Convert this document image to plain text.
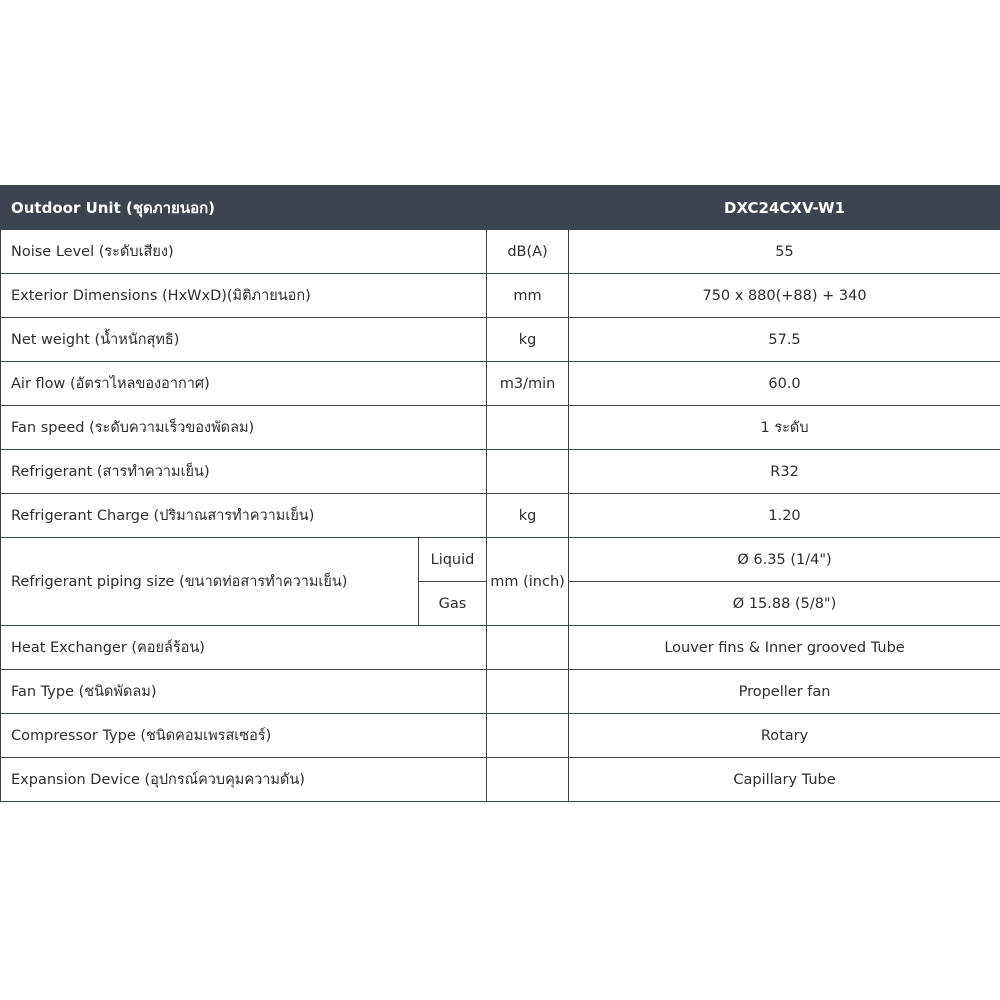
Outdoor Unit (ชุดภายนอก)			DXC24CXV-W1
Noise Level (ระดับเสียง)		dB(A)	55
Exterior Dimensions (HxWxD)(มิติภายนอก)		mm	750 x 880(+88) + 340
Net weight (น้ำหนักสุทธิ)		kg	57.5
Air flow (อัตราไหลของอากาศ)		m3/min	60.0
Fan speed (ระดับความเร็วของพัดลม)			1 ระดับ
Refrigerant (สารทำความเย็น)			R32
Refrigerant Charge (ปริมาณสารทำความเย็น)		kg	1.20
Refrigerant piping size (ขนาดท่อสารทำความเย็น)	Liquid	mm (inch)	Ø 6.35 (1/4")
	Gas		Ø 15.88 (5/8")
Heat Exchanger (คอยล์ร้อน)			Louver fins & Inner grooved Tube
Fan Type (ชนิดพัดลม)			Propeller fan
Compressor Type (ชนิดคอมเพรสเซอร์)			Rotary
Expansion Device (อุปกรณ์ควบคุมความดัน)			Capillary Tube
